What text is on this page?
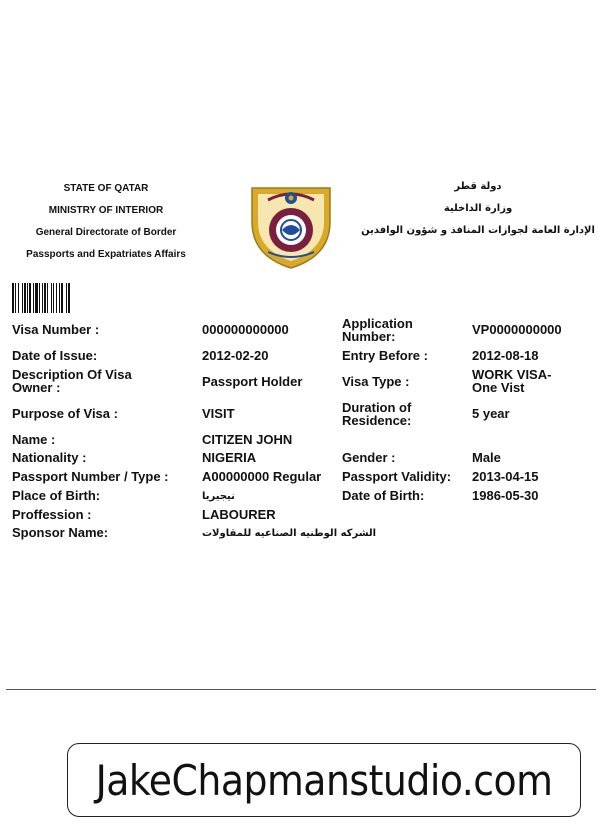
STATE OF QATAR
MINISTRY OF INTERIOR
General Directorate of Border
Passports and Expatriates Affairs
دولة قطر
وزارة الداخلية
الإدارة العامة لجوازات المنافذ و شؤون الوافدين
Visa Number :	000000000000	Application
Number:	VP0000000000
Date of Issue:	2012-02-20	Entry Before :	2012-08-18
Description Of Visa
Owner :	Passport Holder	Visa Type :	WORK VISA-
One Vist
Purpose of Visa :	VISIT	Duration of
Residence:	5 year
Name :	CITIZEN JOHN
Nationality :	NIGERIA	Gender :	Male
Passport Number / Type :	A00000000 Regular Passport Validity: 2013-04-15
Place of Birth:	نيجيريا	Date of Birth:	1986-05-30
Proffession :	LABOURER
Sponsor Name:	الشركه الوطنيه الصناعيه للمقاولات
JakeChapmanstudio.com
